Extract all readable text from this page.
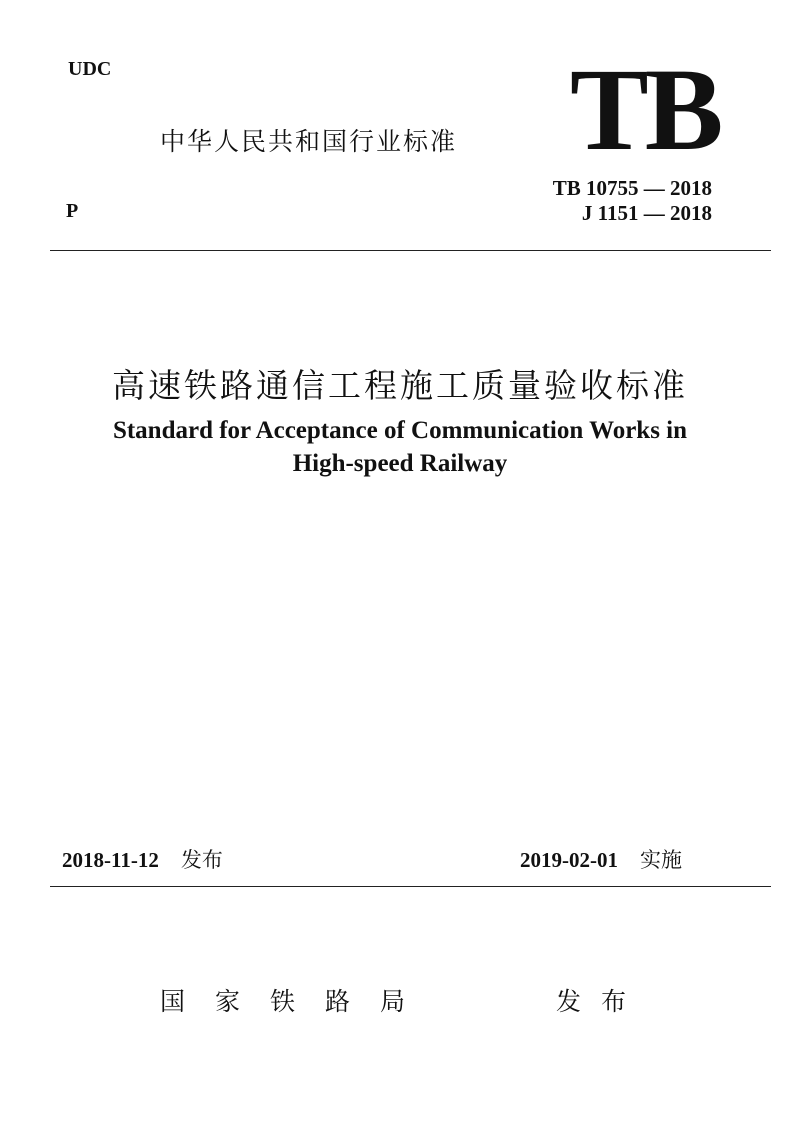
UDC	TB
中华人民共和国行业标准
P
TB 10755 — 2018
J 1151 — 2018
高速铁路通信工程施工质量验收标准
Standard for Acceptance of Communication Works in
High-speed Railway
2018-11-12 发布	2019-02-01 实施
国家铁路局	发布
